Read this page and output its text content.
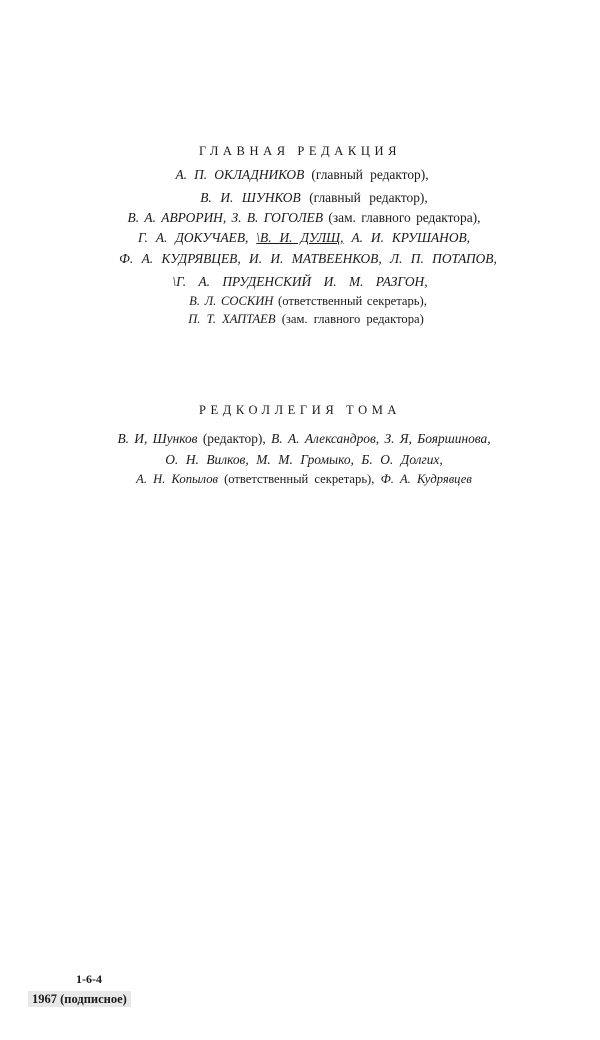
ГЛАВНАЯ РЕДАКЦИЯ
А. П. ОКЛАДНИКОВ (главный редактор),
В. И. ШУНКОВ (главный редактор),
В. А. АВРОРИН, З. В. ГОГОЛЕВ (зам. главного редактора),
Г. А. ДОКУЧАЕВ, \В. И. ДУЛЩ, А. И. КРУШАНОВ,
Ф. А. КУДРЯВЦЕВ, И. И. МАТВЕЕНКОВ, Л. П. ПОТАПОВ,
\Г. А. ПРУДЕНСКИЙ И. М. РАЗГОН,
В. Л. СОСКИН (ответственный секретарь),
П. Т. ХАПТАЕВ (зам. главного редактора)
РЕДКОЛЛЕГИЯ ТОМА
В. И, Шунков (редактор), В. А. Александров, З. Я, Бояршинова,
О. Н. Вилков, М. М. Громыко, Б. О. Долгих,
А. Н. Копылов (ответственный секретарь), Ф. А. Кудрявцев
1-6-4
1967 (подписное)
